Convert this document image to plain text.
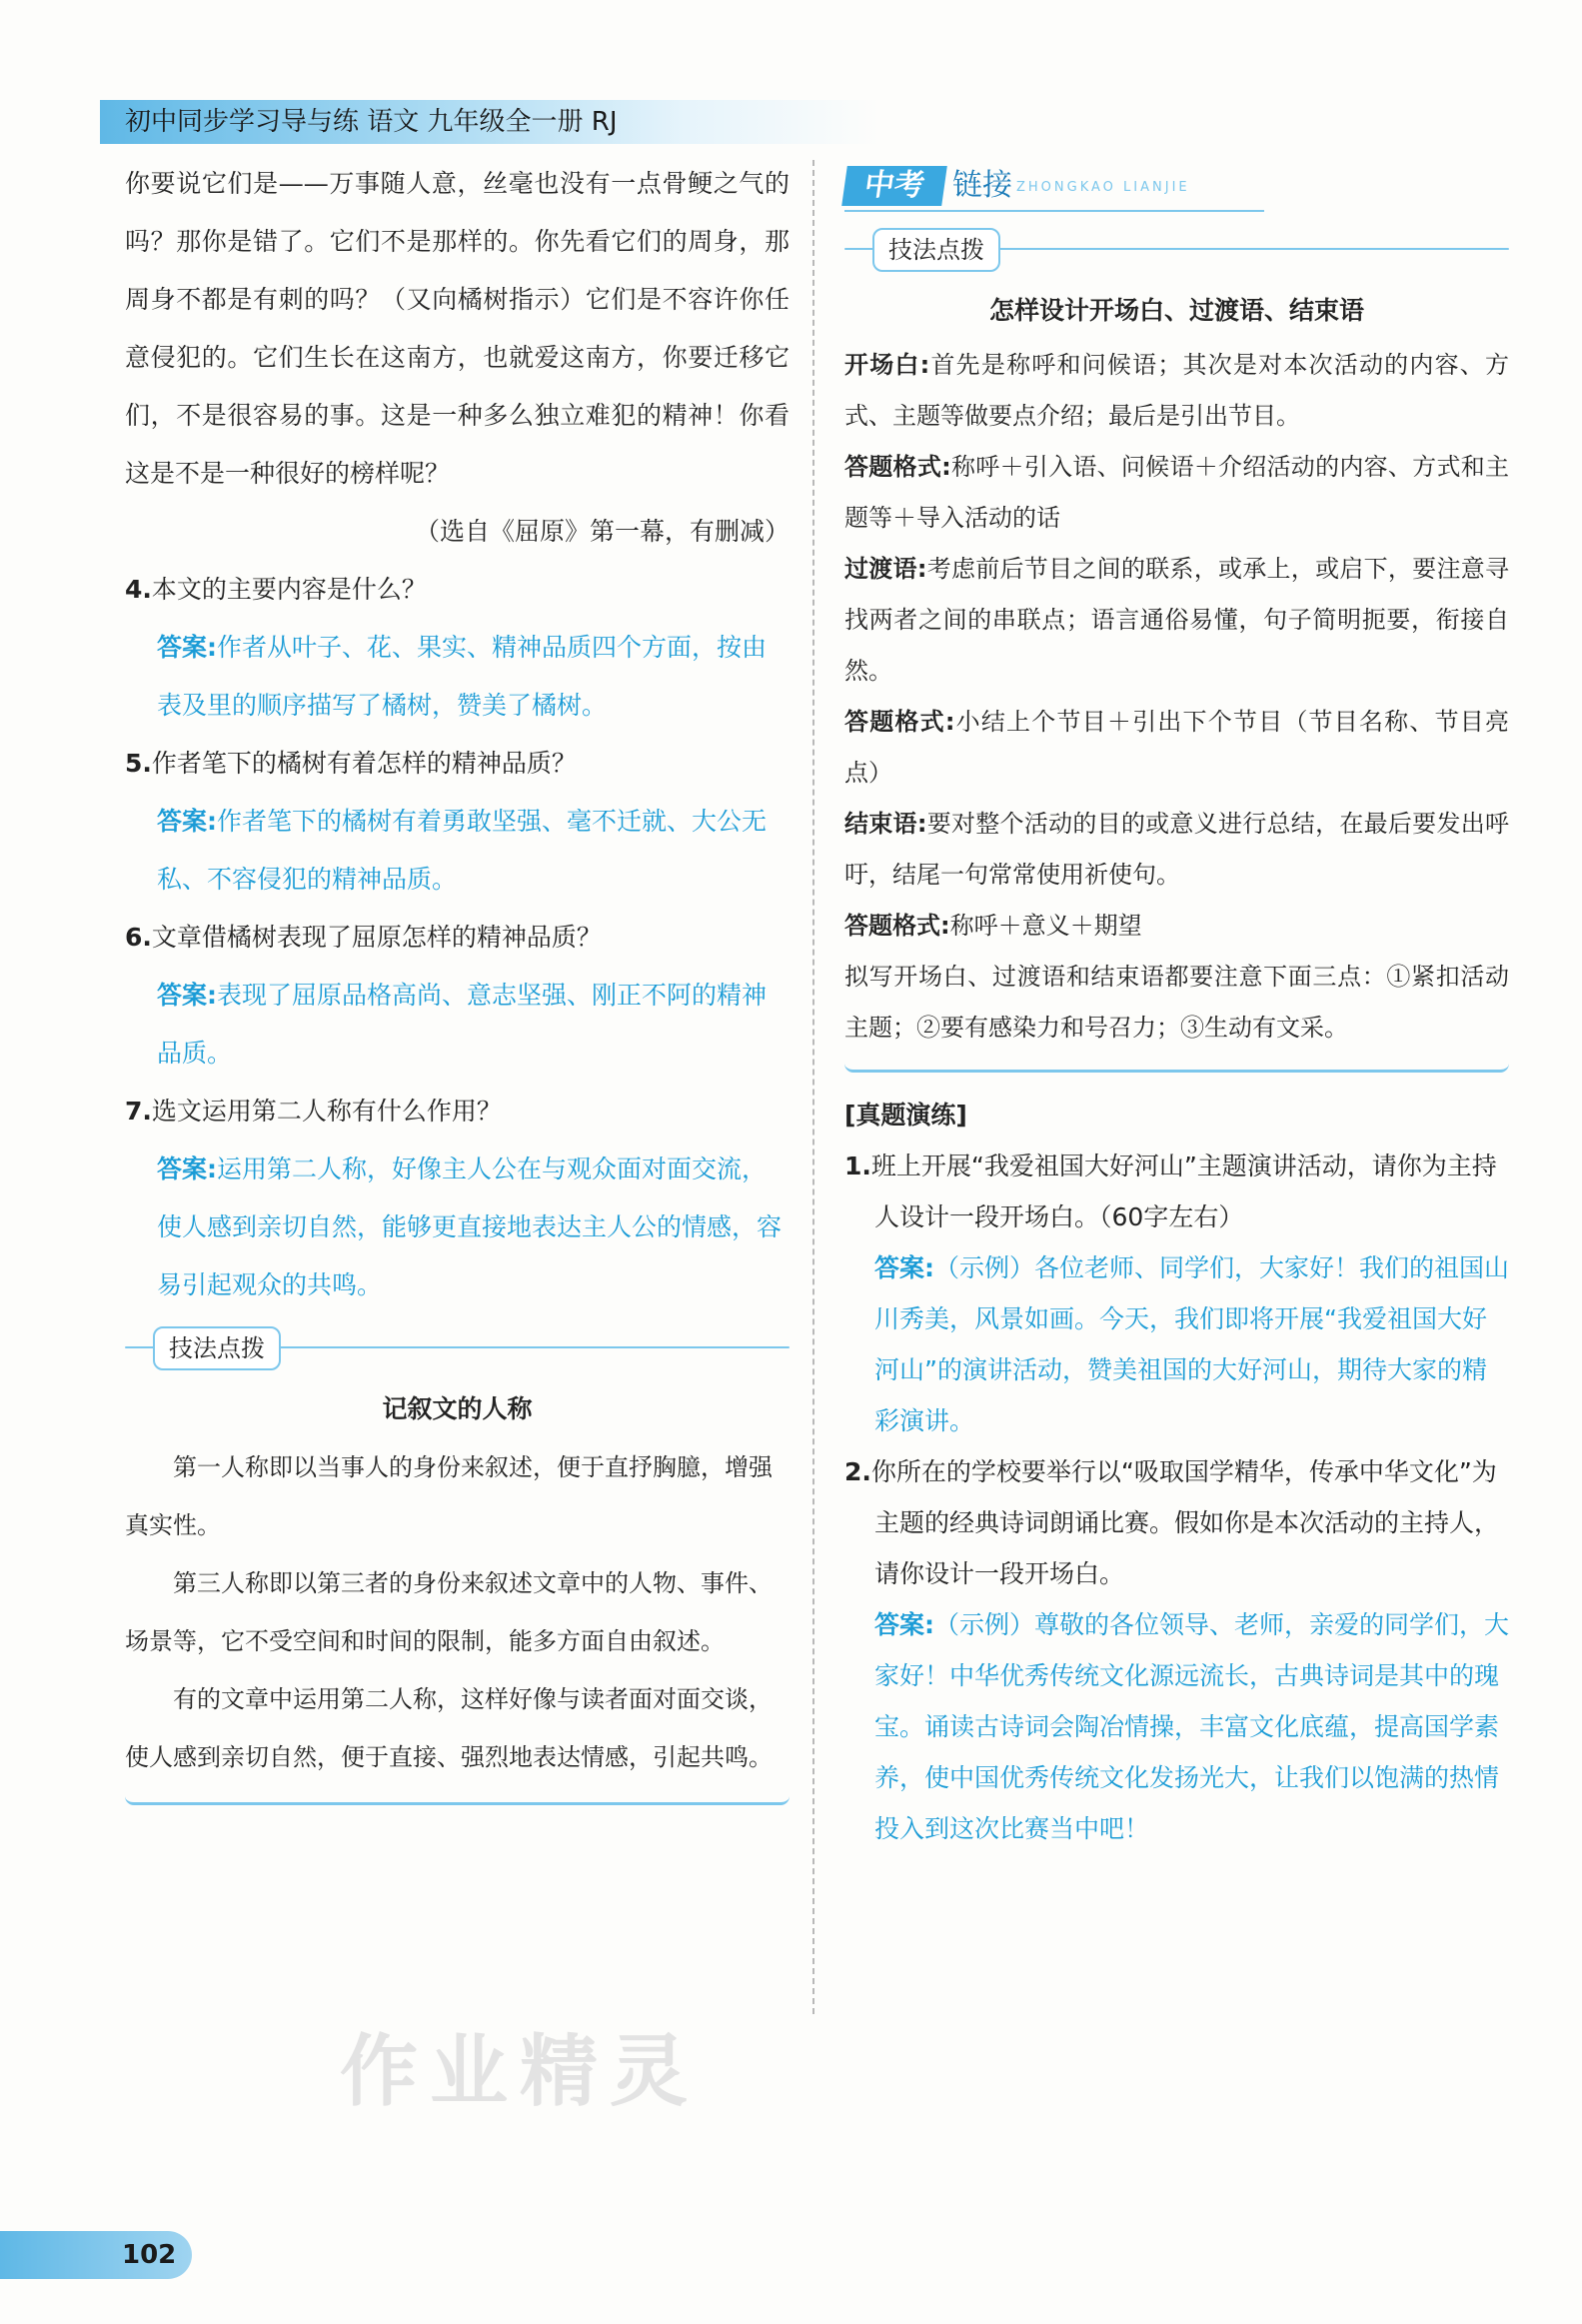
初中同步学习导与练 语文 九年级全一册 RJ

你要说它们是——万事随人意，丝毫也没有一点骨鲠之气的吗？那你是错了。它们不是那样的。你先看它们的周身，那周身不都是有刺的吗？（又向橘树指示）它们是不容许你任意侵犯的。它们生长在这南方，也就爱这南方，你要迁移它们，不是很容易的事。这是一种多么独立难犯的精神！你看这是不是一种很好的榜样呢？

（选自《屈原》第一幕，有删减）

4.本文的主要内容是什么？

答案:作者从叶子、花、果实、精神品质四个方面，按由表及里的顺序描写了橘树，赞美了橘树。

5.作者笔下的橘树有着怎样的精神品质？

答案:作者笔下的橘树有着勇敢坚强、毫不迁就、大公无私、不容侵犯的精神品质。

6.文章借橘树表现了屈原怎样的精神品质？

答案:表现了屈原品格高尚、意志坚强、刚正不阿的精神品质。

7.选文运用第二人称有什么作用？

答案:运用第二人称，好像主人公在与观众面对面交流，使人感到亲切自然，能够更直接地表达主人公的情感，容易引起观众的共鸣。

技法点拨

记叙文的人称

第一人称即以当事人的身份来叙述，便于直抒胸臆，增强真实性。

第三人称即以第三者的身份来叙述文章中的人物、事件、场景等，它不受空间和时间的限制，能多方面自由叙述。

有的文章中运用第二人称，这样好像与读者面对面交谈，使人感到亲切自然，便于直接、强烈地表达情感，引起共鸣。

作业精灵
中考 链接 ZHONGKAO LIANJIE
技法点拨

怎样设计开场白、过渡语、结束语

开场白:首先是称呼和问候语；其次是对本次活动的内容、方式、主题等做要点介绍；最后是引出节目。

答题格式:称呼＋引入语、问候语＋介绍活动的内容、方式和主题等＋导入活动的话

过渡语:考虑前后节目之间的联系，或承上，或启下，要注意寻找两者之间的串联点；语言通俗易懂，句子简明扼要，衔接自然。

答题格式:小结上个节目＋引出下个节目（节目名称、节目亮点）

结束语:要对整个活动的目的或意义进行总结，在最后要发出呼吁，结尾一句常常使用祈使句。

答题格式:称呼＋意义＋期望

拟写开场白、过渡语和结束语都要注意下面三点：①紧扣活动主题；②要有感染力和号召力；③生动有文采。

[真题演练]

1.班上开展“我爱祖国大好河山”主题演讲活动，请你为主持人设计一段开场白。（60字左右）

答案:（示例）各位老师、同学们，大家好！我们的祖国山川秀美，风景如画。今天，我们即将开展“我爱祖国大好河山”的演讲活动，赞美祖国的大好河山，期待大家的精彩演讲。

2.你所在的学校要举行以“吸取国学精华，传承中华文化”为主题的经典诗词朗诵比赛。假如你是本次活动的主持人，请你设计一段开场白。

答案:（示例）尊敬的各位领导、老师，亲爱的同学们，大家好！中华优秀传统文化源远流长，古典诗词是其中的瑰宝。诵读古诗词会陶冶情操，丰富文化底蕴，提高国学素养，使中国优秀传统文化发扬光大，让我们以饱满的热情投入到这次比赛当中吧！

102
